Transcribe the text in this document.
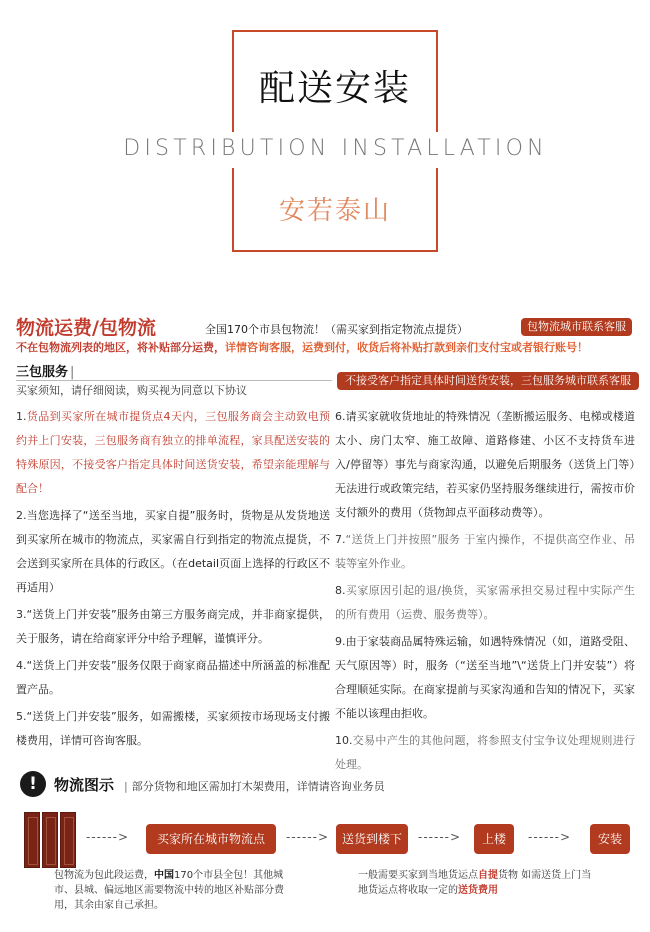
配送安装
DISTRIBUTION INSTALLATION
安若泰山
物流运费/包物流	全国170个市县包物流！（需买家到指定物流点提货）	包物流城市联系客服
不在包物流列表的地区，将补贴部分运费，详情咨询客服，运费到付，收货后将补贴打款到亲们支付宝或者银行账号！
三包服务 |
买家须知，请仔细阅读，购买视为同意以下协议
不接受客户指定具体时间送货安装，三包服务城市联系客服
1.货品到买家所在城市提货点4天内，三包服务商会主动致电预约并上门安装，三包服务商有独立的排单流程，家具配送安装的特殊原因，不接受客户指定具体时间送货安装，希望亲能理解与配合！
2.当您选择了“送至当地，买家自提”服务时，货物是从发货地送到买家所在城市的物流点，买家需自行到指定的物流点提货，不会送到买家所在具体的行政区。（在detail页面上选择的行政区不再适用）
3.“送货上门并安装”服务由第三方服务商完成，并非商家提供，关于服务，请在给商家评分中给予理解，谨慎评分。
4.“送货上门并安装”服务仅限于商家商品描述中所涵盖的标准配置产品。
5.“送货上门并安装”服务，如需搬楼，买家须按市场现场支付搬楼费用，详情可咨询客服。
6.请买家就收货地址的特殊情况（垄断搬运服务、电梯或楼道太小、房门太窄、施工故障、道路修建、小区不支持货车进入/停留等）事先与商家沟通，以避免后期服务（送货上门等）无法进行或政策完结，若买家仍坚持服务继续进行，需按市价支付额外的费用（货物卸点平面移动费等）。
7.“送货上门并按照”服务 于室内操作，不提供高空作业、吊装等室外作业。
8.买家原因引起的退/换货，买家需承担交易过程中实际产生的所有费用（运费、服务费等）。
9.由于家装商品属特殊运输，如遇特殊情况（如，道路受阻、天气原因等）时，服务（“送至当地”\“送货上门并安装”）将合理顺延实际。在商家提前与买家沟通和告知的情况下，买家不能以该理由拒收。
10.交易中产生的其他问题，将参照支付宝争议处理规则进行处理。
!	物流图示
|	部分货物和地区需加打木架费用，详情请咨询业务员
------>	买家所在城市物流点	------>	送货到楼下	------>	上楼	------>	安装
包物流为包此段运费，中国170个市县全包！其他城市、县城、偏远地区需要物流中转的地区补贴部分费用，其余由家自己承担。
一般需要买家到当地货运点自提货物 如需送货上门当地货运点将收取一定的送货费用
